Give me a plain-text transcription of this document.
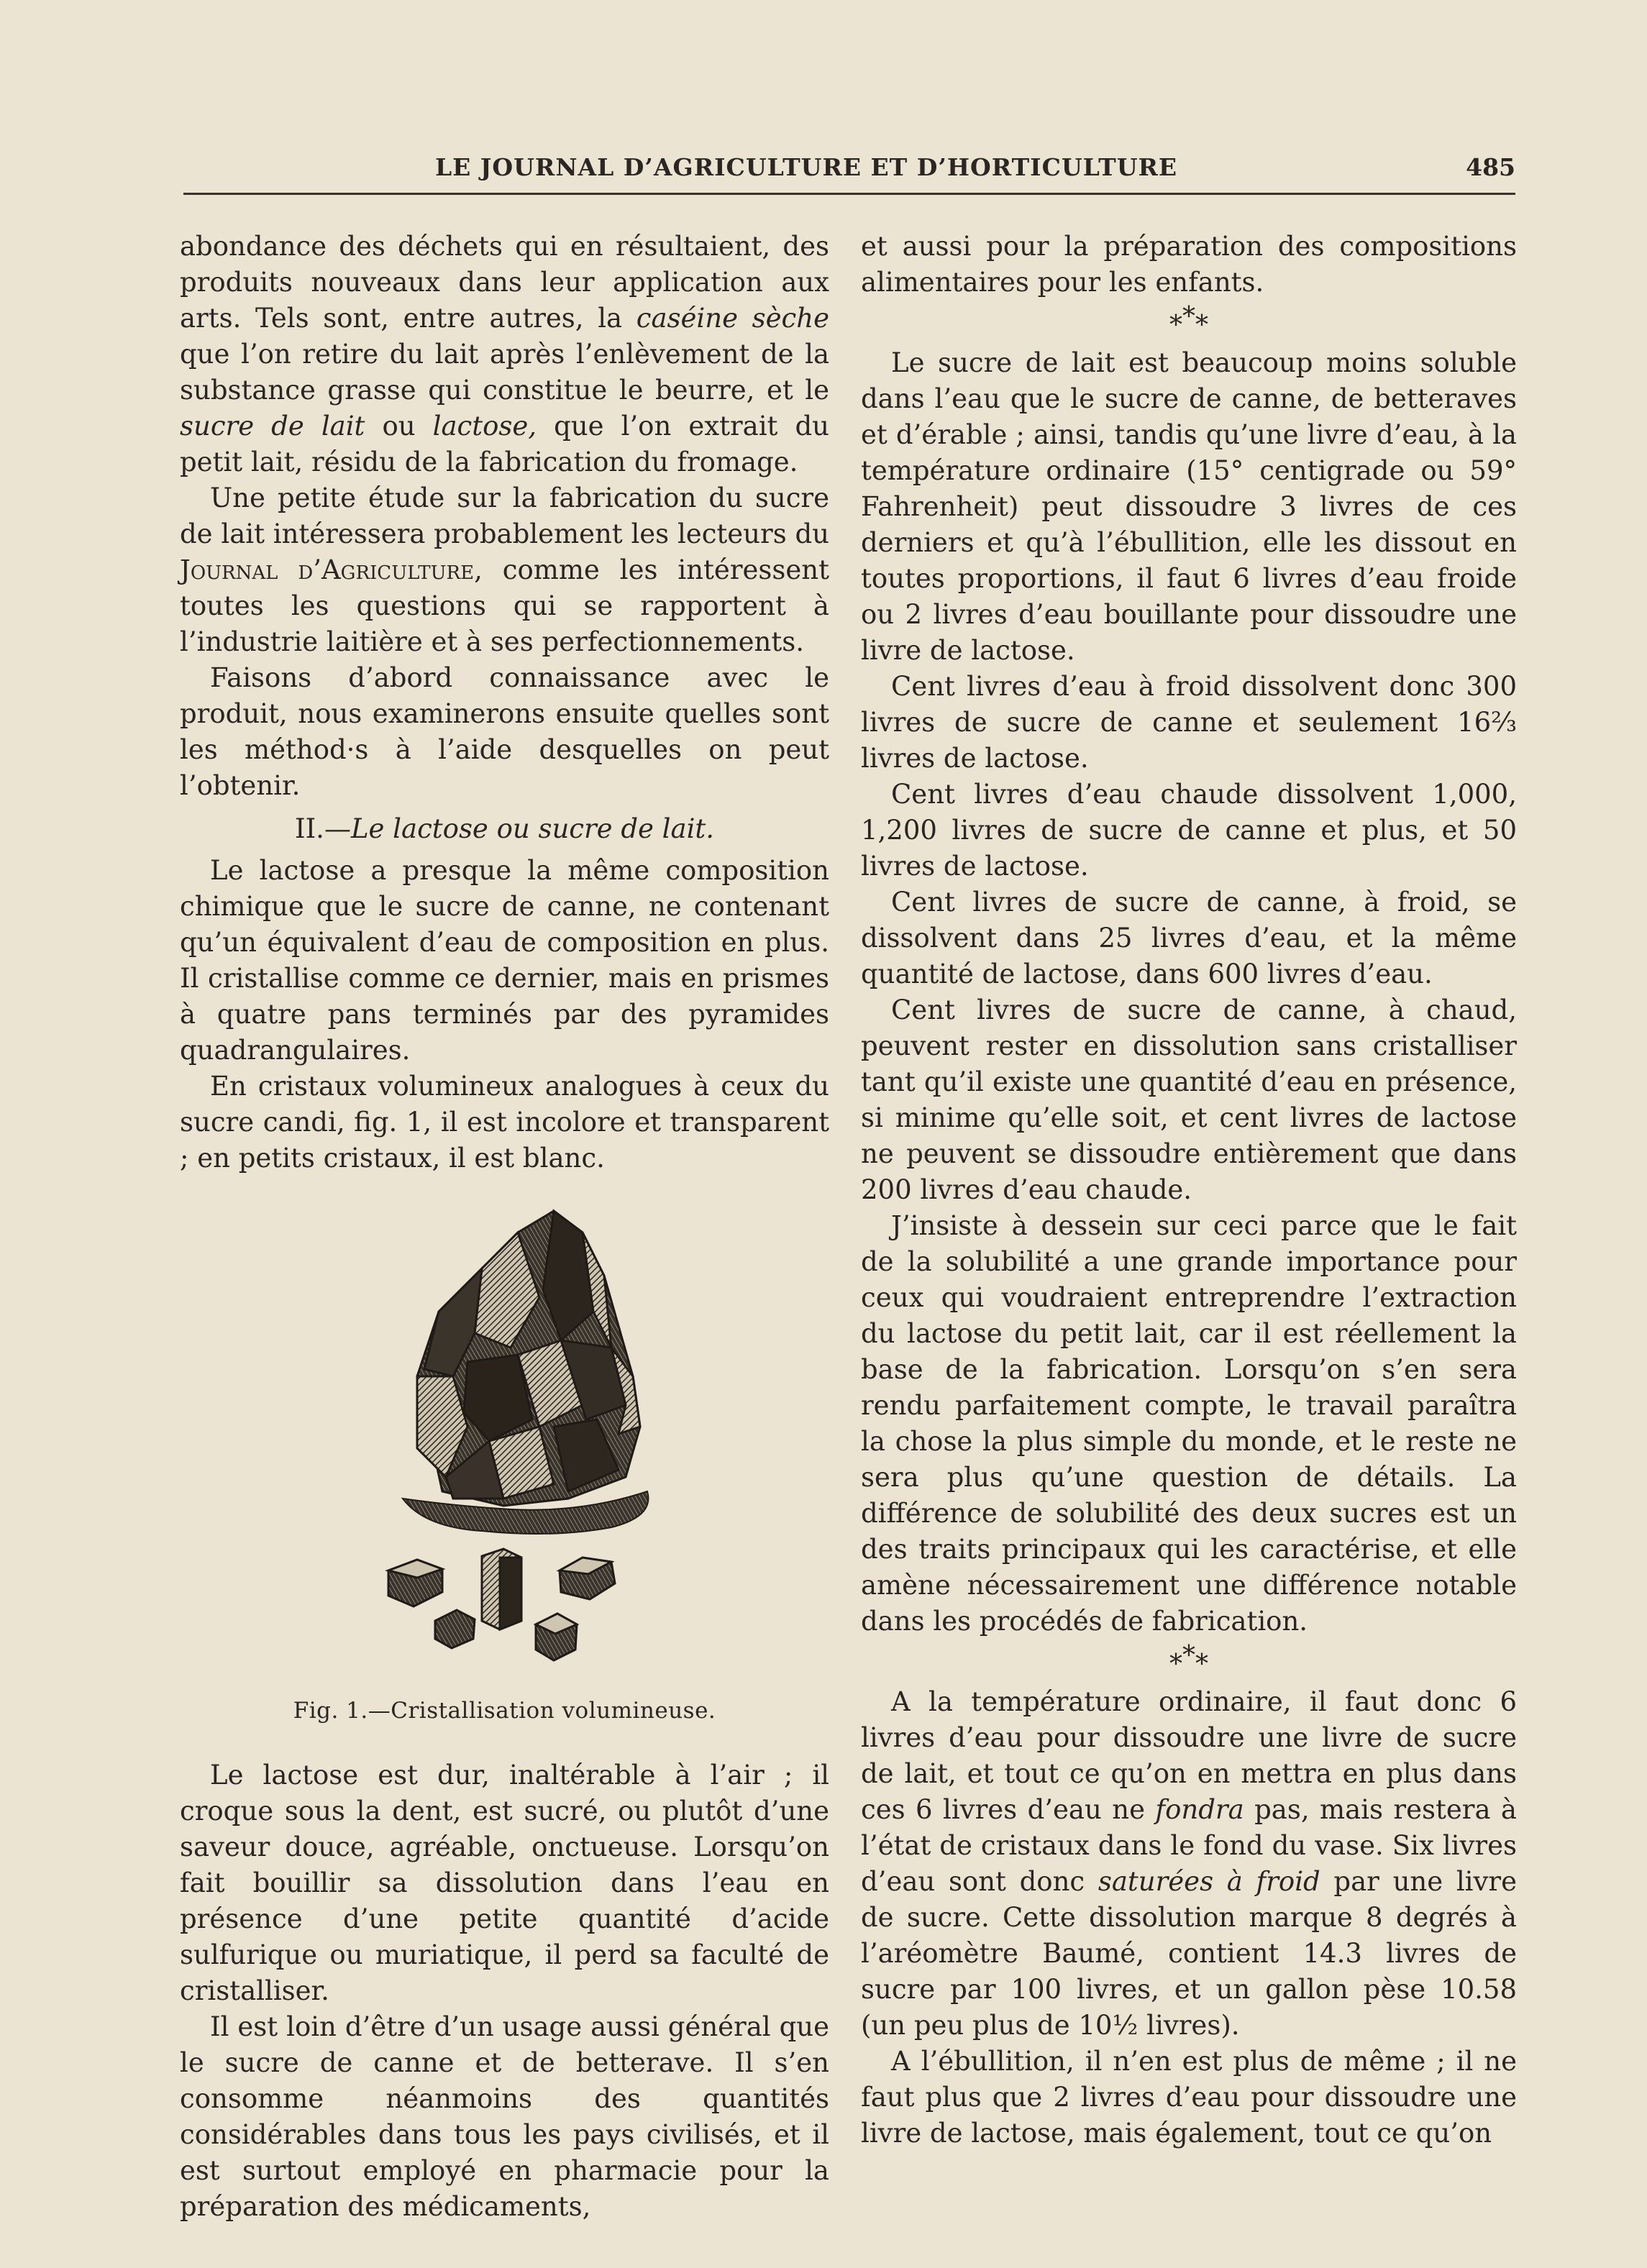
LE JOURNAL D’AGRICULTURE ET D’HORTICULTURE	485

abondance des déchets qui en résultaient, des produits nouveaux dans leur application aux arts. Tels sont, entre autres, la caséine sèche que l’on retire du lait après l’enlèvement de la substance grasse qui constitue le beurre, et le sucre de lait ou lactose, que l’on extrait du petit lait, résidu de la fabrication du fromage.

Une petite étude sur la fabrication du sucre de lait intéressera probablement les lecteurs du Journal d’Agriculture, comme les intéressent toutes les questions qui se rapportent à l’industrie laitière et à ses perfectionnements.

Faisons d’abord connaissance avec le produit, nous examinerons ensuite quelles sont les méthod·s à l’aide desquelles on peut l’obtenir.

II.—Le lactose ou sucre de lait.

Le lactose a presque la même composition chimique que le sucre de canne, ne contenant qu’un équivalent d’eau de composition en plus. Il cristallise comme ce dernier, mais en prismes à quatre pans terminés par des pyramides quadrangulaires.

En cristaux volumineux analogues à ceux du sucre candi, fig. 1, il est incolore et transparent ; en petits cristaux, il est blanc.

Fig. 1.—Cristallisation volumineuse.

Le lactose est dur, inaltérable à l’air ; il croque sous la dent, est sucré, ou plutôt d’une saveur douce, agréable, onctueuse. Lorsqu’on fait bouillir sa dissolution dans l’eau en présence d’une petite quantité d’acide sulfurique ou muriatique, il perd sa faculté de cristalliser.

Il est loin d’être d’un usage aussi général que le sucre de canne et de betterave. Il s’en consomme néanmoins des quantités considérables dans tous les pays civilisés, et il est surtout employé en pharmacie pour la préparation des médicaments,

et aussi pour la préparation des compositions alimentaires pour les enfants.

* * *

Le sucre de lait est beaucoup moins soluble dans l’eau que le sucre de canne, de betteraves et d’érable ; ainsi, tandis qu’une livre d’eau, à la température ordinaire (15° centigrade ou 59° Fahrenheit) peut dissoudre 3 livres de ces derniers et qu’à l’ébullition, elle les dissout en toutes proportions, il faut 6 livres d’eau froide ou 2 livres d’eau bouillante pour dissoudre une livre de lactose.

Cent livres d’eau à froid dissolvent donc 300 livres de sucre de canne et seulement 16⅔ livres de lactose.

Cent livres d’eau chaude dissolvent 1,000, 1,200 livres de sucre de canne et plus, et 50 livres de lactose.

Cent livres de sucre de canne, à froid, se dissolvent dans 25 livres d’eau, et la même quantité de lactose, dans 600 livres d’eau.

Cent livres de sucre de canne, à chaud, peuvent rester en dissolution sans cristalliser tant qu’il existe une quantité d’eau en présence, si minime qu’elle soit, et cent livres de lactose ne peuvent se dissoudre entièrement que dans 200 livres d’eau chaude.

J’insiste à dessein sur ceci parce que le fait de la solubilité a une grande importance pour ceux qui voudraient entreprendre l’extraction du lactose du petit lait, car il est réellement la base de la fabrication. Lorsqu’on s’en sera rendu parfaitement compte, le travail paraîtra la chose la plus simple du monde, et le reste ne sera plus qu’une question de détails. La différence de solubilité des deux sucres est un des traits principaux qui les caractérise, et elle amène nécessairement une différence notable dans les procédés de fabrication.

* * *

A la température ordinaire, il faut donc 6 livres d’eau pour dissoudre une livre de sucre de lait, et tout ce qu’on en mettra en plus dans ces 6 livres d’eau ne fondra pas, mais restera à l’état de cristaux dans le fond du vase. Six livres d’eau sont donc saturées à froid par une livre de sucre. Cette dissolution marque 8 degrés à l’aréomètre Baumé, contient 14.3 livres de sucre par 100 livres, et un gallon pèse 10.58 (un peu plus de 10½ livres).

A l’ébullition, il n’en est plus de même ; il ne faut plus que 2 livres d’eau pour dissoudre une livre de lactose, mais également, tout ce qu’on
